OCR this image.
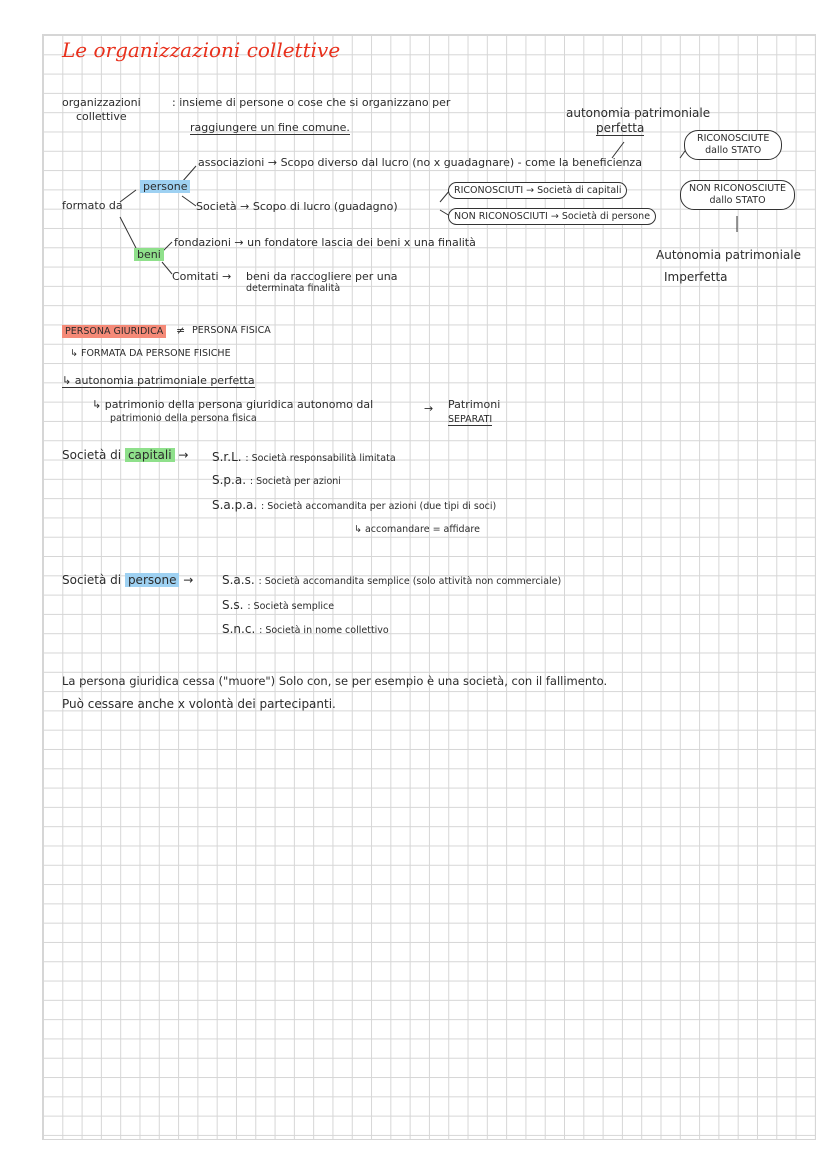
Le organizzazioni collettive
organizzazioni
collettive
: insieme di persone o cose che si organizzano per
raggiungere un fine comune.
autonomia patrimoniale
perfetta
RICONOSCIUTE
dallo STATO
associazioni → Scopo diverso dal lucro (no x guadagnare) - come la beneficienza
persone
formato da	Società → Scopo di lucro (guadagno)
RICONOSCIUTI → Società di capitali
NON RICONOSCIUTI → Società di persone
NON RICONOSCIUTE
dallo STATO
Autonomia patrimoniale
Imperfetta
fondazioni → un fondatore lascia dei beni x una finalità
beni
Comitati → beni da raccogliere per una
determinata finalità
PERSONA GIURIDICA ≠ PERSONA FISICA
↳ FORMATA DA PERSONE FISICHE
↳ autonomia patrimoniale perfetta
↳ patrimonio della persona giuridica autonomo dal
patrimonio della persona fisica
→ Patrimoni
SEPARATI
Società di capitali → S.r.L. : Società responsabilità limitata
S.p.a. : Società per azioni
S.a.p.a. : Società accomandita per azioni (due tipi di soci)
↳ accomandare = affidare
Società di persone → S.a.s. : Società accomandita semplice (solo attività non commerciale)
S.s. : Società semplice
S.n.c. : Società in nome collettivo
La persona giuridica cessa ("muore") Solo con, se per esempio è una società, con il fallimento.
Può cessare anche x volontà dei partecipanti.
